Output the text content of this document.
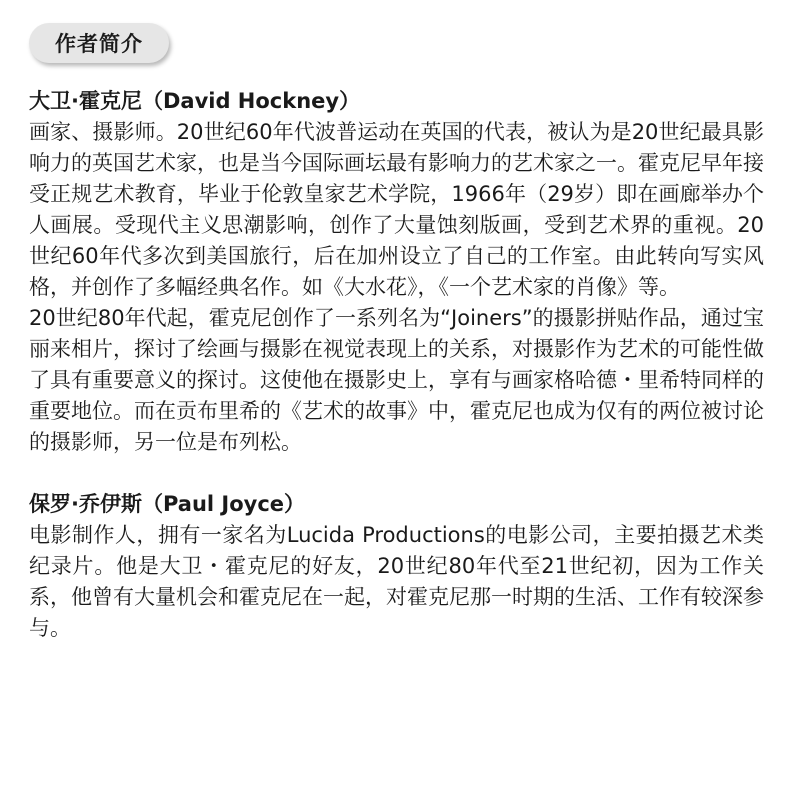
作者简介

大卫·霍克尼（David Hockney）

画家、摄影师。20世纪60年代波普运动在英国的代表，被认为是20世纪最具影响力的英国艺术家，也是当今国际画坛最有影响力的艺术家之一。霍克尼早年接受正规艺术教育，毕业于伦敦皇家艺术学院，1966年（29岁）即在画廊举办个人画展。受现代主义思潮影响，创作了大量蚀刻版画，受到艺术界的重视。20世纪60年代多次到美国旅行，后在加州设立了自己的工作室。由此转向写实风格，并创作了多幅经典名作。如《大水花》，《一个艺术家的肖像》等。

20世纪80年代起，霍克尼创作了一系列名为“Joiners”的摄影拼贴作品，通过宝丽来相片，探讨了绘画与摄影在视觉表现上的关系，对摄影作为艺术的可能性做了具有重要意义的探讨。这使他在摄影史上，享有与画家格哈德・里希特同样的重要地位。而在贡布里希的《艺术的故事》中，霍克尼也成为仅有的两位被讨论的摄影师，另一位是布列松。

保罗·乔伊斯（Paul Joyce）

电影制作人，拥有一家名为Lucida Productions的电影公司，主要拍摄艺术类纪录片。他是大卫・霍克尼的好友，20世纪80年代至21世纪初，因为工作关系，他曾有大量机会和霍克尼在一起，对霍克尼那一时期的生活、工作有较深参与。
